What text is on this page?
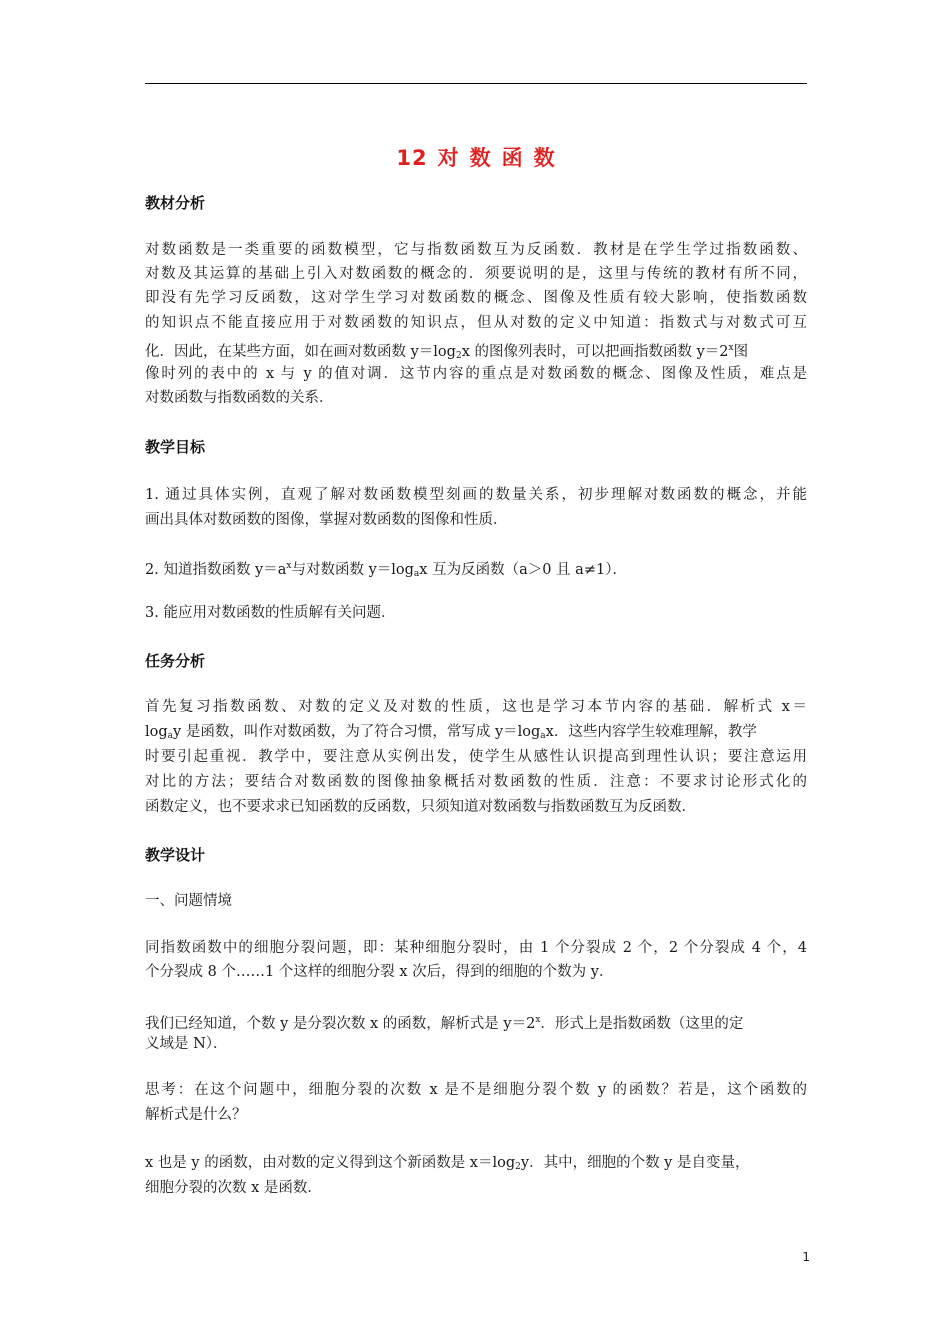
12 对 数 函 数
教材分析
对数函数是一类重要的函数模型，它与指数函数互为反函数．教材是在学生学过指数函数、
对数及其运算的基础上引入对数函数的概念的．须要说明的是，这里与传统的教材有所不同，
即没有先学习反函数，这对学生学习对数函数的概念、图像及性质有较大影响，使指数函数
的知识点不能直接应用于对数函数的知识点，但从对数的定义中知道：指数式与对数式可互
化．因此，在某些方面，如在画对数函数 $y=\log_2x$ 的图像列表时，可以把画指数函数 $y=2^x$图
像时列的表中的 x 与 y 的值对调．这节内容的重点是对数函数的概念、图像及性质，难点是
对数函数与指数函数的关系．
教学目标
1. 通过具体实例，直观了解对数函数模型刻画的数量关系，初步理解对数函数的概念，并能
画出具体对数函数的图像，掌握对数函数的图像和性质．
2. 知道指数函数 $y=a^x$与对数函数 $y=\log_ax$ 互为反函数（a＞0 且 a≠1）．
3. 能应用对数函数的性质解有关问题．
任务分析
首先复习指数函数、对数的定义及对数的性质，这也是学习本节内容的基础．解析式 x＝
$\log_ay$ 是函数，叫作对数函数，为了符合习惯，常写成 $y=\log_ax$．这些内容学生较难理解，教学
时要引起重视．教学中，要注意从实例出发，使学生从感性认识提高到理性认识；要注意运用
对比的方法；要结合对数函数的图像抽象概括对数函数的性质．注意：不要求讨论形式化的
函数定义，也不要求求已知函数的反函数，只须知道对数函数与指数函数互为反函数．
教学设计
一、问题情境
同指数函数中的细胞分裂问题，即：某种细胞分裂时，由 1 个分裂成 2 个，2 个分裂成 4 个，4
个分裂成 8 个……1 个这样的细胞分裂 x 次后，得到的细胞的个数为 y．
我们已经知道，个数 y 是分裂次数 x 的函数，解析式是 $y=2^x$．形式上是指数函数（这里的定
义域是 N）．
思考：在这个问题中，细胞分裂的次数 x 是不是细胞分裂个数 y 的函数？若是，这个函数的
解析式是什么？
x 也是 y 的函数，由对数的定义得到这个新函数是 $x=\log_2y$．其中，细胞的个数 y 是自变量，
细胞分裂的次数 x 是函数．
1
